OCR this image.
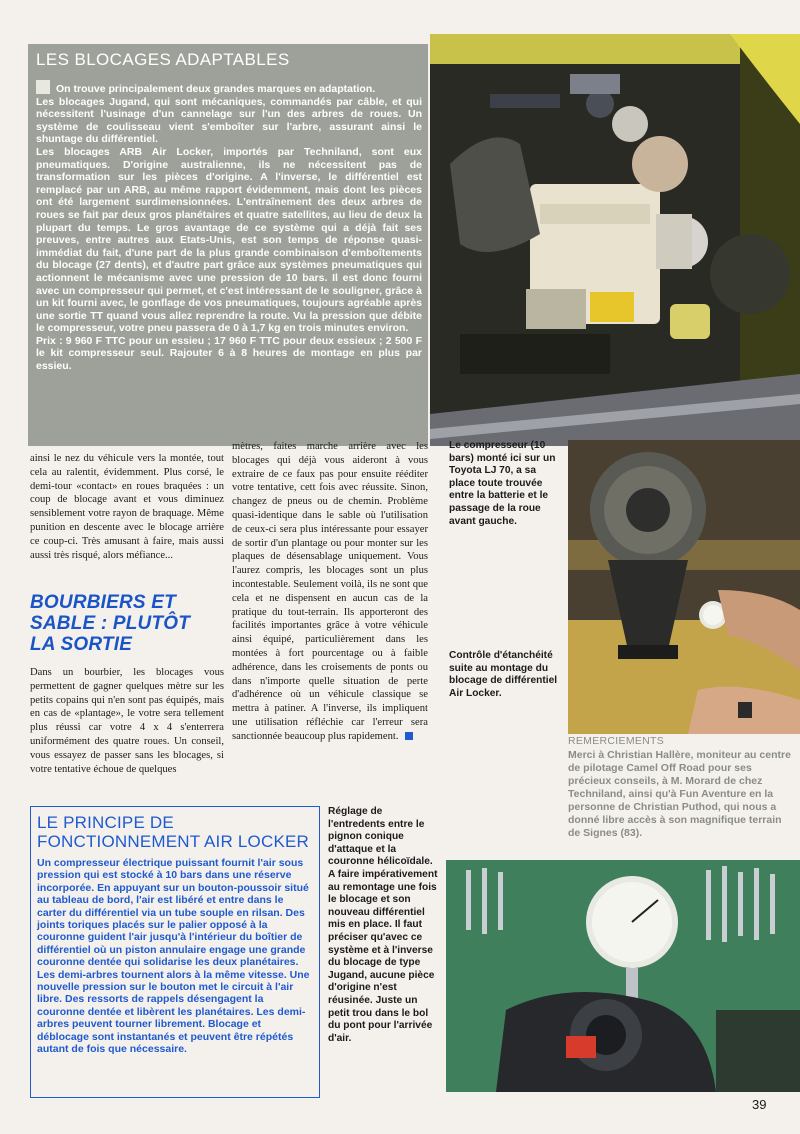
LES BLOCAGES ADAPTABLES

On trouve principalement deux grandes marques en adaptation.

Les blocages Jugand, qui sont mécaniques, commandés par câble, et qui nécessitent l'usinage d'un cannelage sur l'un des arbres de roues. Un système de coulisseau vient s'emboîter sur l'arbre, assurant ainsi le shuntage du différentiel.

Les blocages ARB Air Locker, importés par Techniland, sont eux pneumatiques. D'origine australienne, ils ne nécessitent pas de transformation sur les pièces d'origine. A l'inverse, le différentiel est remplacé par un ARB, au même rapport évidemment, mais dont les pièces ont été largement surdimensionnées. L'entraînement des deux arbres de roues se fait par deux gros planétaires et quatre satellites, au lieu de deux la plupart du temps. Le gros avantage de ce système qui a déjà fait ses preuves, entre autres aux Etats-Unis, est son temps de réponse quasi-immédiat du fait, d'une part de la plus grande combinaison d'emboîtements du blocage (27 dents), et d'autre part grâce aux systèmes pneumatiques qui actionnent le mécanisme avec une pression de 10 bars. Il est donc fourni avec un compresseur qui permet, et c'est intéressant de le souligner, grâce à un kit fourni avec, le gonflage de vos pneumatiques, toujours agréable après une sortie TT quand vous allez reprendre la route. Vu la pression que débite le compresseur, votre pneu passera de 0 à 1,7 kg en trois minutes environ.

Prix : 9 960 F TTC pour un essieu ; 17 960 F TTC pour deux essieux ; 2 500 F le kit compresseur seul. Rajouter 6 à 8 heures de montage en plus par essieu.

ainsi le nez du véhicule vers la montée, tout cela au ralentit, évidemment. Plus corsé, le demi-tour «contact» en roues braquées : un coup de blocage avant et vous diminuez sensiblement votre rayon de braquage. Même punition en descente avec le blocage arrière ce coup-ci. Très amusant à faire, mais aussi aussi très risqué, alors méfiance...

BOURBIERS ET SABLE : PLUTÔT LA SORTIE

Dans un bourbier, les blocages vous permettent de gagner quelques mètre sur les petits copains qui n'en sont pas équipés, mais en cas de «plantage», le votre sera tellement plus réussi car votre 4 x 4 s'enterrera uniformément des quatre roues. Un conseil, vous essayez de passer sans les blocages, si votre tentative échoue de quelques

mètres, faites marche arrière avec les blocages qui déjà vous aideront à vous extraire de ce faux pas pour ensuite rééditer votre tentative, cett fois avec réussite. Sinon, changez de pneus ou de chemin. Problème quasi-identique dans le sable où l'utilisation de ceux-ci sera plus intéressante pour essayer de sortir d'un plantage ou pour monter sur les plaques de désensablage uniquement. Vous l'aurez compris, les blocages sont un plus incontestable. Seulement voilà, ils ne sont que cela et ne dispensent en aucun cas de la pratique du tout-terrain. Ils apporteront des facilités importantes grâce à votre véhicule ainsi équipé, particulièrement dans les montées à fort pourcentage ou à faible adhérence, dans les croisements de ponts ou dans n'importe quelle situation de perte d'adhérence où un véhicule classique se mettra à patiner. A l'inverse, ils impliquent une utilisation réfléchie car l'erreur sera sanctionnée beaucoup plus rapidement.

Le compresseur (10 bars) monté ici sur un Toyota LJ 70, a sa place toute trouvée entre la batterie et le passage de la roue avant gauche.
Contrôle d'étanchéité suite au montage du blocage de différentiel Air Locker.
REMERCIEMENTS
Merci à Christian Hallère, moniteur au centre de pilotage Camel Off Road pour ses précieux conseils, à M. Morard de chez Techniland, ainsi qu'à Fun Aventure en la personne de Christian Puthod, qui nous a donné libre accès à son magnifique terrain de Signes (83).
LE PRINCIPE DE FONCTIONNEMENT AIR LOCKER
Un compresseur électrique puissant fournit l'air sous pression qui est stocké à 10 bars dans une réserve incorporée. En appuyant sur un bouton-poussoir situé au tableau de bord, l'air est libéré et entre dans le carter du différentiel via un tube souple en rilsan. Des joints toriques placés sur le palier opposé à la couronne guident l'air jusqu'à l'intérieur du boîtier de différentiel où un piston annulaire engage une grande couronne dentée qui solidarise les deux planétaires. Les demi-arbres tournent alors à la même vitesse. Une nouvelle pression sur le bouton met le circuit à l'air libre. Des ressorts de rappels désengagent la couronne dentée et libèrent les planétaires. Les demi-arbres peuvent tourner librement. Blocage et déblocage sont instantanés et peuvent être répétés autant de fois que nécessaire.
Réglage de l'entredents entre le pignon conique d'attaque et la couronne hélicoïdale. A faire impérativement au remontage une fois le blocage et son nouveau différentiel mis en place. Il faut préciser qu'avec ce système et à l'inverse du blocage de type Jugand, aucune pièce d'origine n'est réusinée. Juste un petit trou dans le bol du pont pour l'arrivée d'air.
39
